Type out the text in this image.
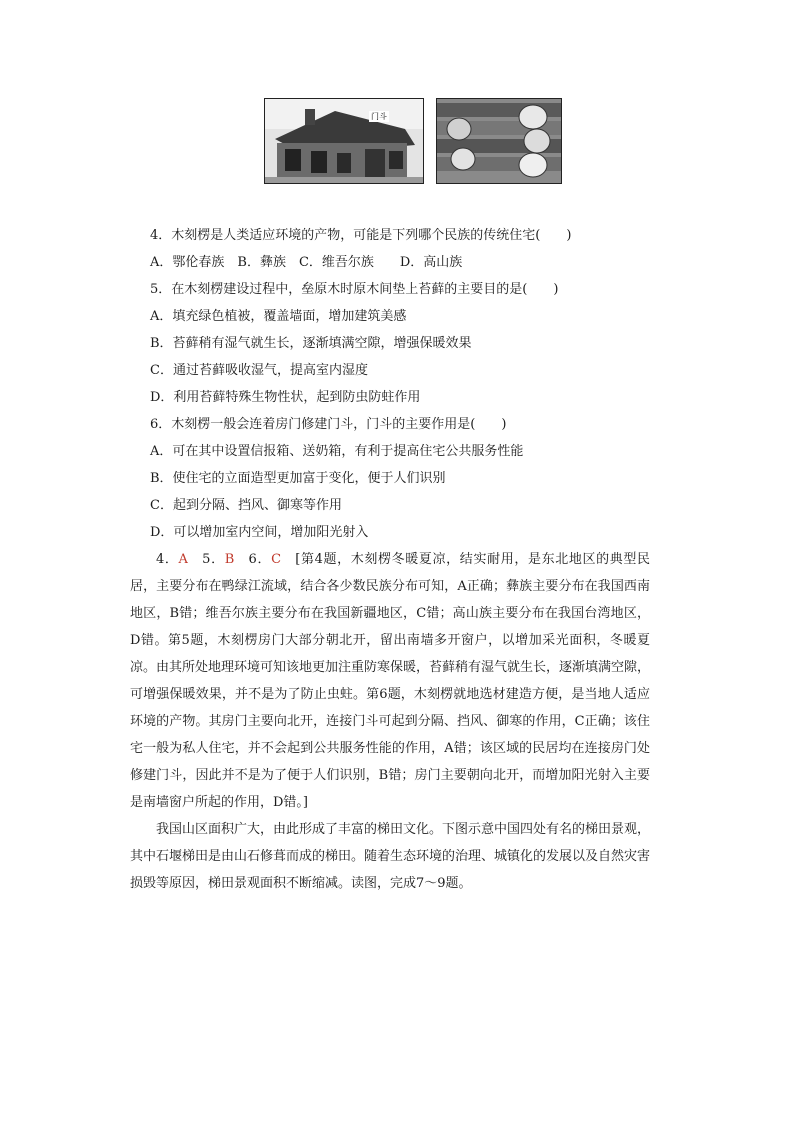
门斗
4．木刻楞是人类适应环境的产物，可能是下列哪个民族的传统住宅(　　)
A．鄂伦春族　B．彝族　C．维吾尔族　　D．高山族
5．在木刻楞建设过程中，垒原木时原木间垫上苔藓的主要目的是(　　)
A．填充绿色植被，覆盖墙面，增加建筑美感
B．苔藓稍有湿气就生长，逐渐填满空隙，增强保暖效果
C．通过苔藓吸收湿气，提高室内湿度
D．利用苔藓特殊生物性状，起到防虫防蛀作用
6．木刻楞一般会连着房门修建门斗，门斗的主要作用是(　　)
A．可在其中设置信报箱、送奶箱，有利于提高住宅公共服务性能
B．使住宅的立面造型更加富于变化，便于人们识别
C．起到分隔、挡风、御寒等作用
D．可以增加室内空间，增加阳光射入

4．A　5．B　6．C　[第4题，木刻楞冬暖夏凉，结实耐用，是东北地区的典型民居，主要分布在鸭绿江流域，结合各少数民族分布可知，A正确；彝族主要分布在我国西南地区，B错；维吾尔族主要分布在我国新疆地区，C错；高山族主要分布在我国台湾地区，D错。第5题，木刻楞房门大部分朝北开，留出南墙多开窗户，以增加采光面积，冬暖夏凉。由其所处地理环境可知该地更加注重防寒保暖，苔藓稍有湿气就生长，逐渐填满空隙，可增强保暖效果，并不是为了防止虫蛀。第6题，木刻楞就地选材建造方便，是当地人适应环境的产物。其房门主要向北开，连接门斗可起到分隔、挡风、御寒的作用，C正确；该住宅一般为私人住宅，并不会起到公共服务性能的作用，A错；该区域的民居均在连接房门处修建门斗，因此并不是为了便于人们识别，B错；房门主要朝向北开，而增加阳光射入主要是南墙窗户所起的作用，D错。]

我国山区面积广大，由此形成了丰富的梯田文化。下图示意中国四处有名的梯田景观，其中石堰梯田是由山石修葺而成的梯田。随着生态环境的治理、城镇化的发展以及自然灾害损毁等原因，梯田景观面积不断缩减。读图，完成7～9题。
